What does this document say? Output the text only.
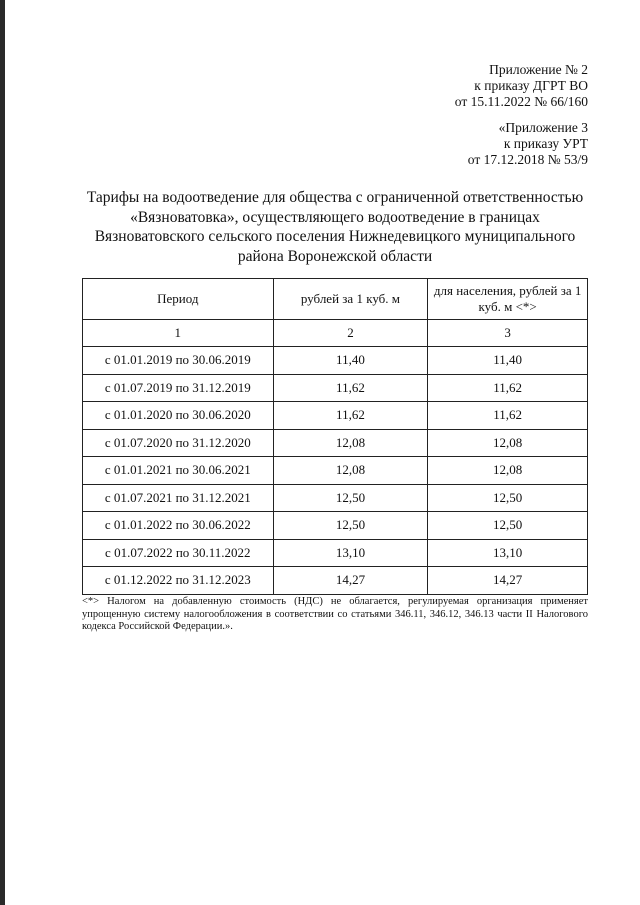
Приложение № 2
к приказу ДГРТ ВО
от 15.11.2022 № 66/160
«Приложение 3
к приказу УРТ
от 17.12.2018 № 53/9
Тарифы на водоотведение для общества с ограниченной ответственностью
«Вязноватовка», осуществляющего водоотведение в границах
Вязноватовского сельского поселения Нижнедевицкого муниципального
района Воронежской области
Период	рублей за 1 куб. м	для населения, рублей за 1 куб. м <*>
1	2	3
с 01.01.2019 по 30.06.2019	11,40	11,40
с 01.07.2019 по 31.12.2019	11,62	11,62
с 01.01.2020 по 30.06.2020	11,62	11,62
с 01.07.2020 по 31.12.2020	12,08	12,08
с 01.01.2021 по 30.06.2021	12,08	12,08
с 01.07.2021 по 31.12.2021	12,50	12,50
с 01.01.2022 по 30.06.2022	12,50	12,50
с 01.07.2022 по 30.11.2022	13,10	13,10
с 01.12.2022 по 31.12.2023	14,27	14,27
<*> Налогом на добавленную стоимость (НДС) не облагается, регулируемая организация применяет упрощенную систему налогообложения в соответствии со статьями 346.11, 346.12, 346.13 части II Налогового кодекса Российской Федерации.».
